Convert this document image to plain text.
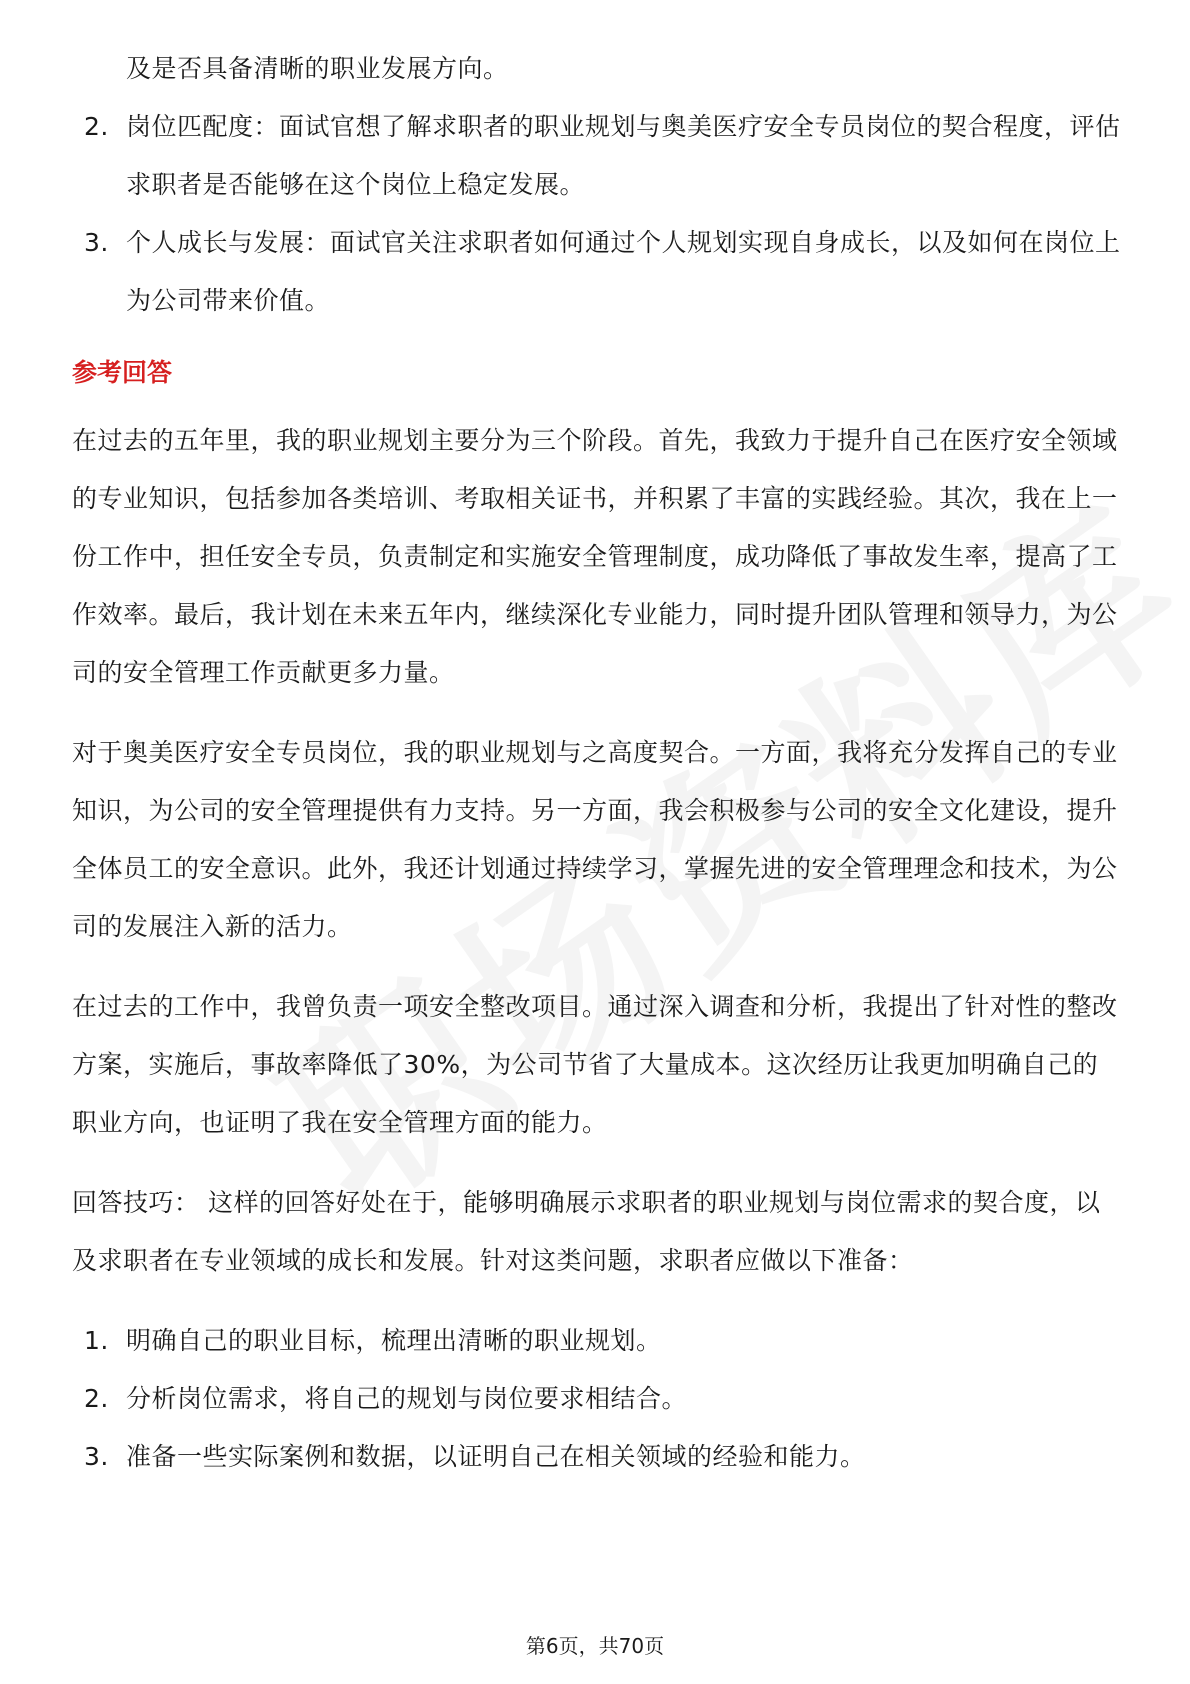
及是否具备清晰的职业发展方向。
2. 岗位匹配度：面试官想了解求职者的职业规划与奥美医疗安全专员岗位的契合程度，评估求职者是否能够在这个岗位上稳定发展。
3. 个人成长与发展：面试官关注求职者如何通过个人规划实现自身成长，以及如何在岗位上为公司带来价值。
参考回答

在过去的五年里，我的职业规划主要分为三个阶段。首先，我致力于提升自己在医疗安全领域的专业知识，包括参加各类培训、考取相关证书，并积累了丰富的实践经验。其次，我在上一份工作中，担任安全专员，负责制定和实施安全管理制度，成功降低了事故发生率，提高了工作效率。最后，我计划在未来五年内，继续深化专业能力，同时提升团队管理和领导力，为公司的安全管理工作贡献更多力量。

对于奥美医疗安全专员岗位，我的职业规划与之高度契合。一方面，我将充分发挥自己的专业知识，为公司的安全管理提供有力支持。另一方面，我会积极参与公司的安全文化建设，提升全体员工的安全意识。此外，我还计划通过持续学习，掌握先进的安全管理理念和技术，为公司的发展注入新的活力。

在过去的工作中，我曾负责一项安全整改项目。通过深入调查和分析，我提出了针对性的整改方案，实施后，事故率降低了30%，为公司节省了大量成本。这次经历让我更加明确自己的职业方向，也证明了我在安全管理方面的能力。

回答技巧： 这样的回答好处在于，能够明确展示求职者的职业规划与岗位需求的契合度，以及求职者在专业领域的成长和发展。针对这类问题，求职者应做以下准备：

1. 明确自己的职业目标，梳理出清晰的职业规划。
2. 分析岗位需求，将自己的规划与岗位要求相结合。
3. 准备一些实际案例和数据，以证明自己在相关领域的经验和能力。
第6页，共70页
